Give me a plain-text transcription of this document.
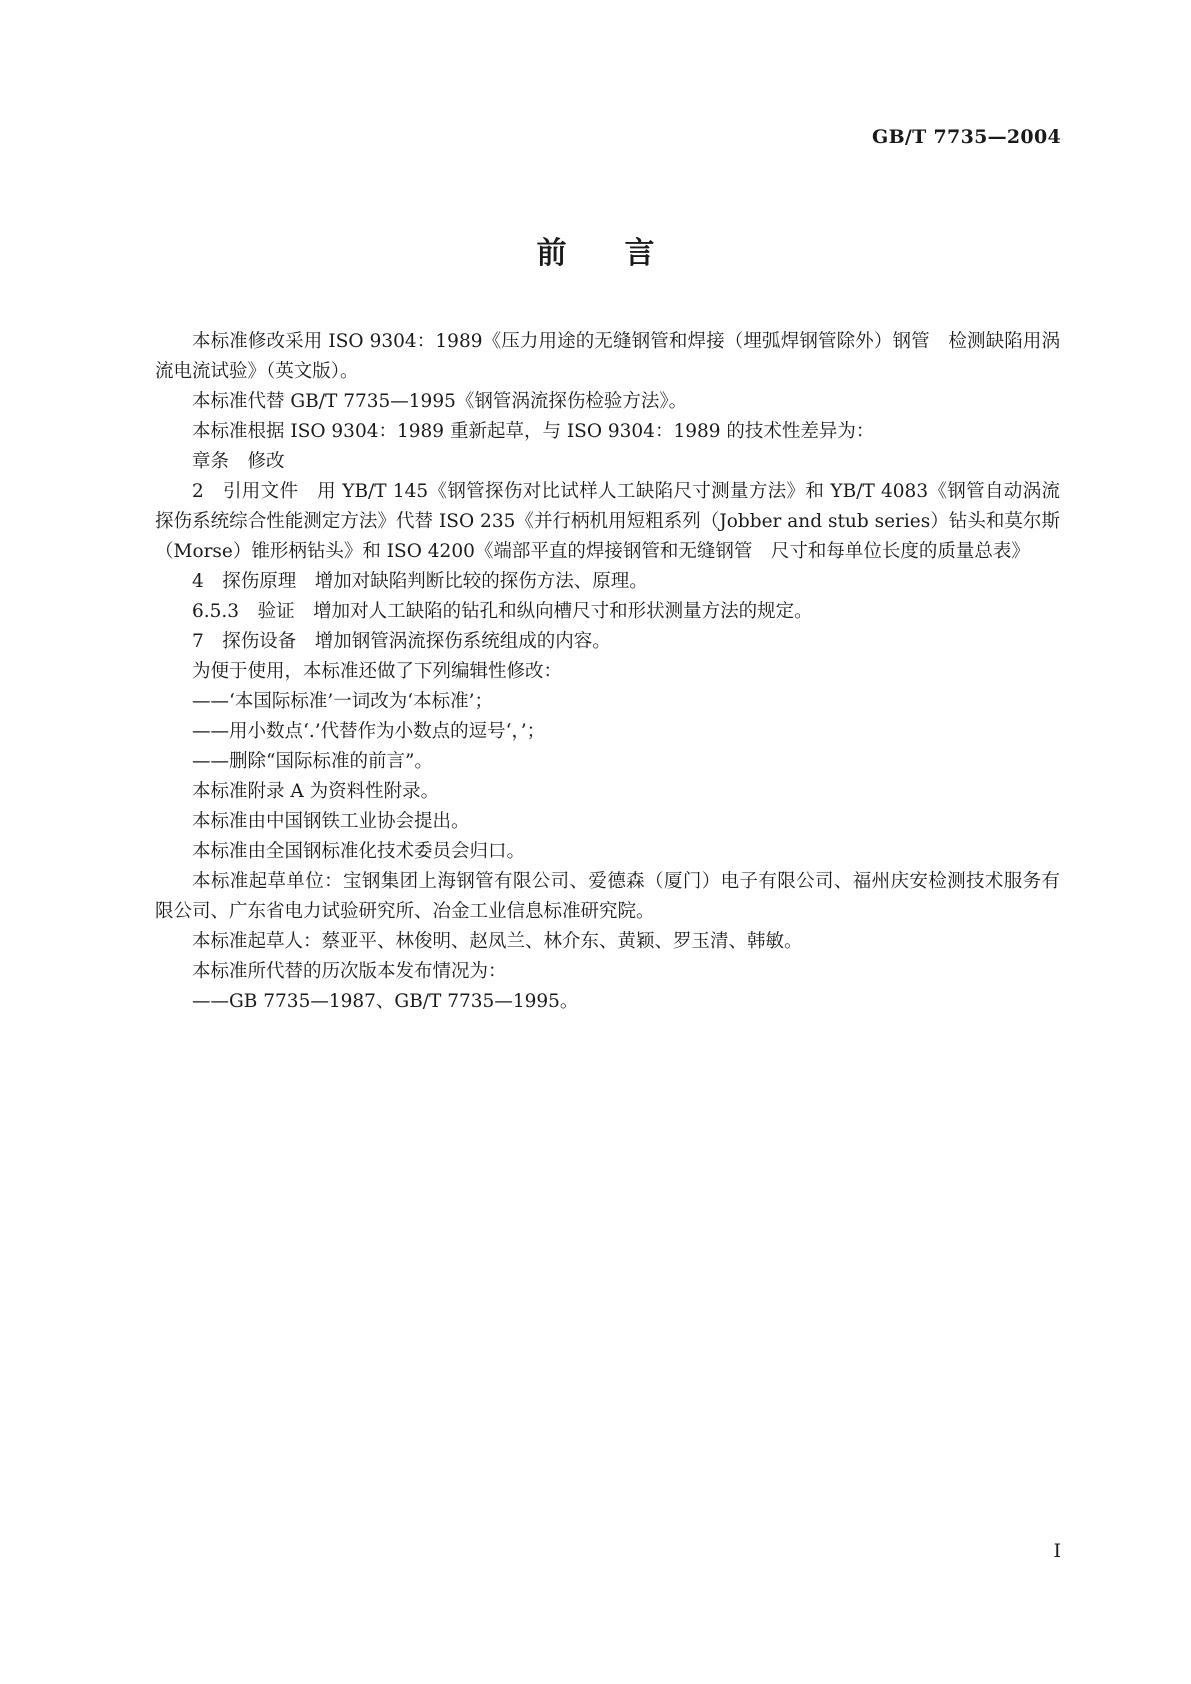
GB/T 7735—2004
前言

本标准修改采用 ISO 9304：1989《压力用途的无缝钢管和焊接（埋弧焊钢管除外）钢管　检测缺陷用涡流电流试验》（英文版）。

本标准代替 GB/T 7735—1995《钢管涡流探伤检验方法》。

本标准根据 ISO 9304：1989 重新起草，与 ISO 9304：1989 的技术性差异为：

章条　修改

2　引用文件　用 YB/T 145《钢管探伤对比试样人工缺陷尺寸测量方法》和 YB/T 4083《钢管自动涡流探伤系统综合性能测定方法》代替 ISO 235《并行柄机用短粗系列（Jobber and stub series）钻头和莫尔斯（Morse）锥形柄钻头》和 ISO 4200《端部平直的焊接钢管和无缝钢管　尺寸和每单位长度的质量总表》

4　探伤原理　增加对缺陷判断比较的探伤方法、原理。

6.5.3　验证　增加对人工缺陷的钻孔和纵向槽尺寸和形状测量方法的规定。

7　探伤设备　增加钢管涡流探伤系统组成的内容。

为便于使用，本标准还做了下列编辑性修改：

——‘本国际标准’一词改为‘本标准’；

——用小数点‘.’代替作为小数点的逗号‘，’；

——删除“国际标准的前言”。

本标准附录 A 为资料性附录。

本标准由中国钢铁工业协会提出。

本标准由全国钢标准化技术委员会归口。

本标准起草单位：宝钢集团上海钢管有限公司、爱德森（厦门）电子有限公司、福州庆安检测技术服务有限公司、广东省电力试验研究所、冶金工业信息标准研究院。

本标准起草人：蔡亚平、林俊明、赵凤兰、林介东、黄颖、罗玉清、韩敏。

本标准所代替的历次版本发布情况为：

——GB 7735—1987、GB/T 7735—1995。

I
